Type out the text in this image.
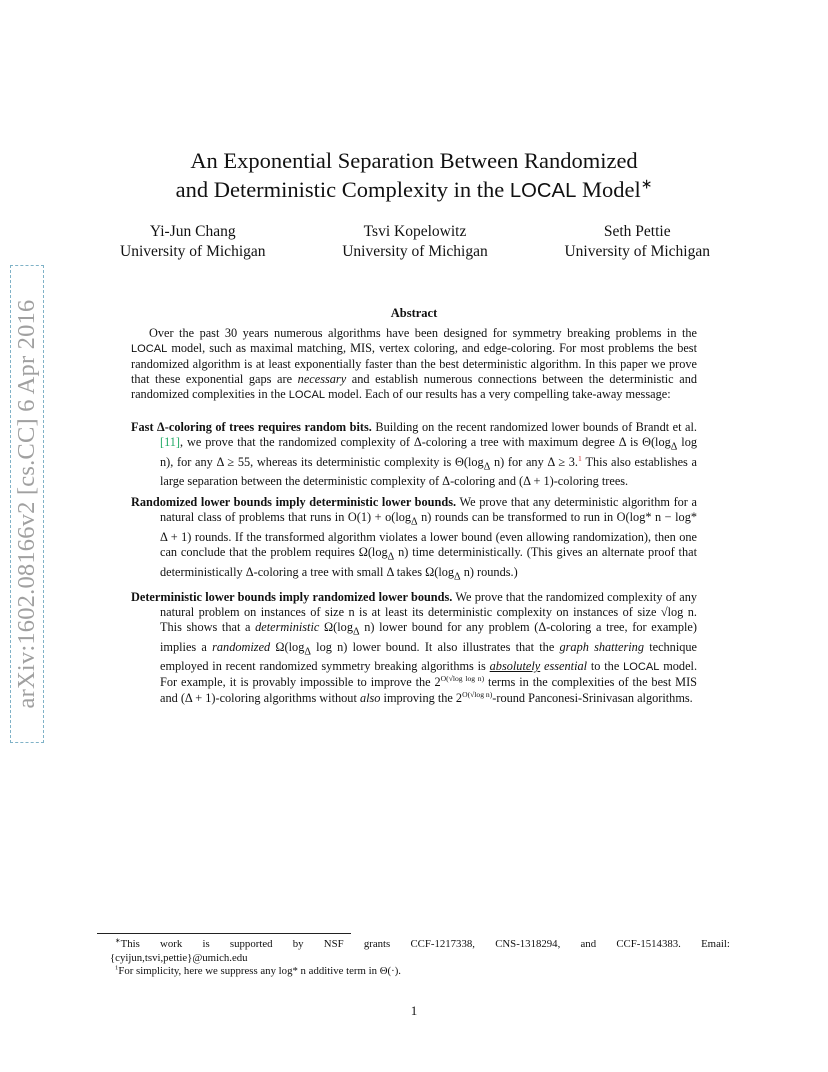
arXiv:1602.08166v2 [cs.CC] 6 Apr 2016
An Exponential Separation Between Randomized
and Deterministic Complexity in the LOCAL Model∗
Yi-Jun Chang
University of Michigan
Tsvi Kopelowitz
University of Michigan
Seth Pettie
University of Michigan
Abstract

Over the past 30 years numerous algorithms have been designed for symmetry breaking problems in the LOCAL model, such as maximal matching, MIS, vertex coloring, and edge-coloring. For most problems the best randomized algorithm is at least exponentially faster than the best deterministic algorithm. In this paper we prove that these exponential gaps are necessary and establish numerous connections between the deterministic and randomized complexities in the LOCAL model. Each of our results has a very compelling take-away message:

Fast Δ-coloring of trees requires random bits. Building on the recent randomized lower bounds of Brandt et al. [11], we prove that the randomized complexity of Δ-coloring a tree with maximum degree Δ is $\Theta(\log_\Delta$ log n), for any Δ ≥ 55, whereas its deterministic complexity is $\Theta(\log_\Delta$ n) for any Δ ≥ 3.$^1$ This also establishes a large separation between the deterministic complexity of Δ-coloring and (Δ + 1)-coloring trees.
Randomized lower bounds imply deterministic lower bounds. We prove that any deterministic algorithm for a natural class of problems that runs in $O(1) + o(\log_\Delta$ n) rounds can be transformed to run in O(log* n − log* Δ + 1) rounds. If the transformed algorithm violates a lower bound (even allowing randomization), then one can conclude that the problem requires $\Omega(\log_\Delta$ n) time deterministically. (This gives an alternate proof that deterministically Δ-coloring a tree with small Δ takes $\Omega(\log_\Delta$ n) rounds.)
Deterministic lower bounds imply randomized lower bounds. We prove that the randomized complexity of any natural problem on instances of size n is at least its deterministic complexity on instances of size √log n. This shows that a deterministic $\Omega(\log_\Delta$ n) lower bound for any problem (Δ-coloring a tree, for example) implies a randomized $\Omega(\log_\Delta$ log n) lower bound. It also illustrates that the graph shattering technique employed in recent randomized symmetry breaking algorithms is absolutely essential to the LOCAL model. For example, it is provably impossible to improve the $2^{O(√log log n)}$ terms in the complexities of the best MIS and (Δ + 1)-coloring algorithms without also improving the $2^{O(√log n)}$-round Panconesi-Srinivasan algorithms.
∗This work is supported by NSF grants CCF-1217338, CNS-1318294, and CCF-1514383. Email:
{cyijun,tsvi,pettie}@umich.edu
$^1$For simplicity, here we suppress any log* n additive term in Θ(·).
1
